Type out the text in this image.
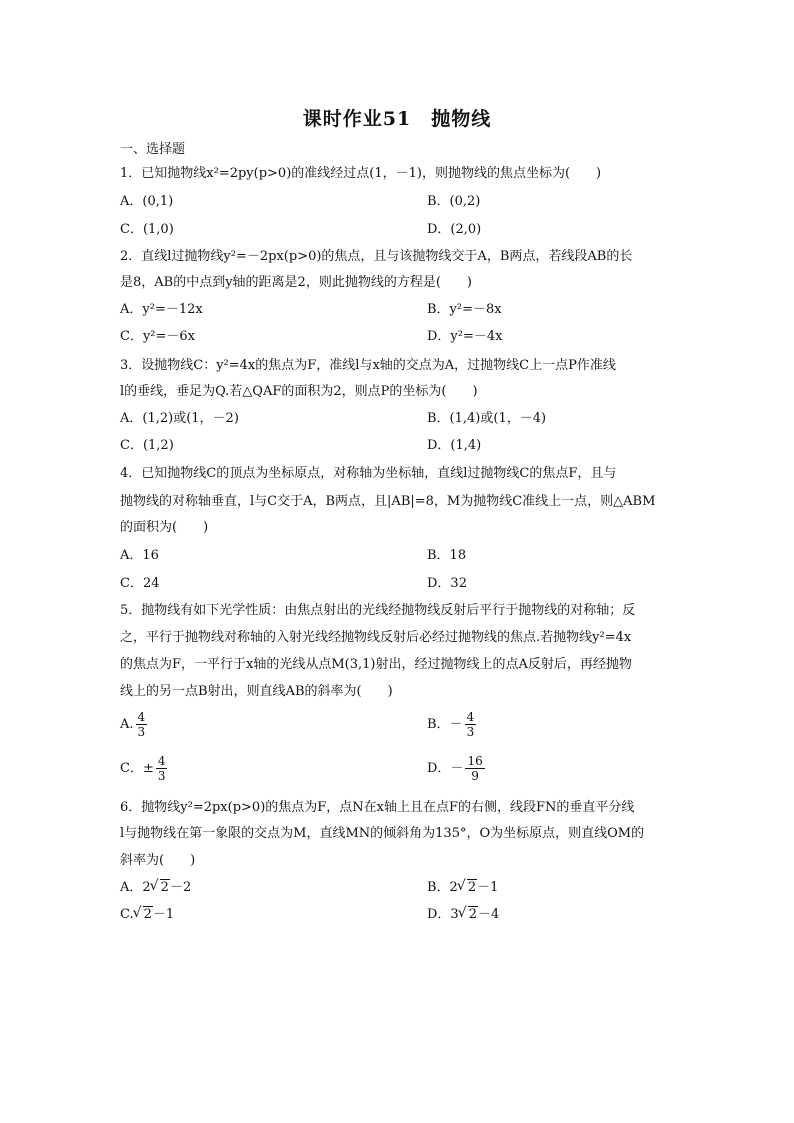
课时作业51　抛物线
一、选择题
1．已知抛物线x²=2py(p>0)的准线经过点(1，－1)，则抛物线的焦点坐标为(　　)
A．(0,1)	B．(0,2)
C．(1,0)	D．(2,0)
2．直线l过抛物线y²=－2px(p>0)的焦点，且与该抛物线交于A，B两点，若线段AB的长
是8，AB的中点到y轴的距离是2，则此抛物线的方程是(　　)
A．y²=－12x	B．y²=－8x
C．y²=－6x	D．y²=－4x
3．设抛物线C：y²=4x的焦点为F，准线l与x轴的交点为A，过抛物线C上一点P作准线
l的垂线，垂足为Q.若△QAF的面积为2，则点P的坐标为(　　)
A．(1,2)或(1，－2)	B．(1,4)或(1，－4)
C．(1,2)	D．(1,4)
4．已知抛物线C的顶点为坐标原点，对称轴为坐标轴，直线l过抛物线C的焦点F，且与
抛物线的对称轴垂直，l与C交于A，B两点，且|AB|=8，M为抛物线C准线上一点，则△ABM
的面积为(　　)
A．16	B．18
C．24	D．32
5．抛物线有如下光学性质：由焦点射出的光线经抛物线反射后平行于抛物线的对称轴；反
之，平行于抛物线对称轴的入射光线经抛物线反射后必经过抛物线的焦点.若抛物线y²=4x
的焦点为F，一平行于x轴的光线从点M(3,1)射出，经过抛物线上的点A反射后，再经抛物
线上的另一点B射出，则直线AB的斜率为(　　)
A. $\frac{4}{3}$	B．－ $\frac{4}{3}$
C．± $\frac{4}{3}$	D．－ $\frac{16}{9}$
6．抛物线y²=2px(p>0)的焦点为F，点N在x轴上且在点F的右侧，线段FN的垂直平分线
l与抛物线在第一象限的交点为M，直线MN的倾斜角为135°，O为坐标原点，则直线OM的
斜率为(　　)
A．2 √ 2－2	B．2 √ 2－1
C. √ 2－1	D．3 √ 2－4
